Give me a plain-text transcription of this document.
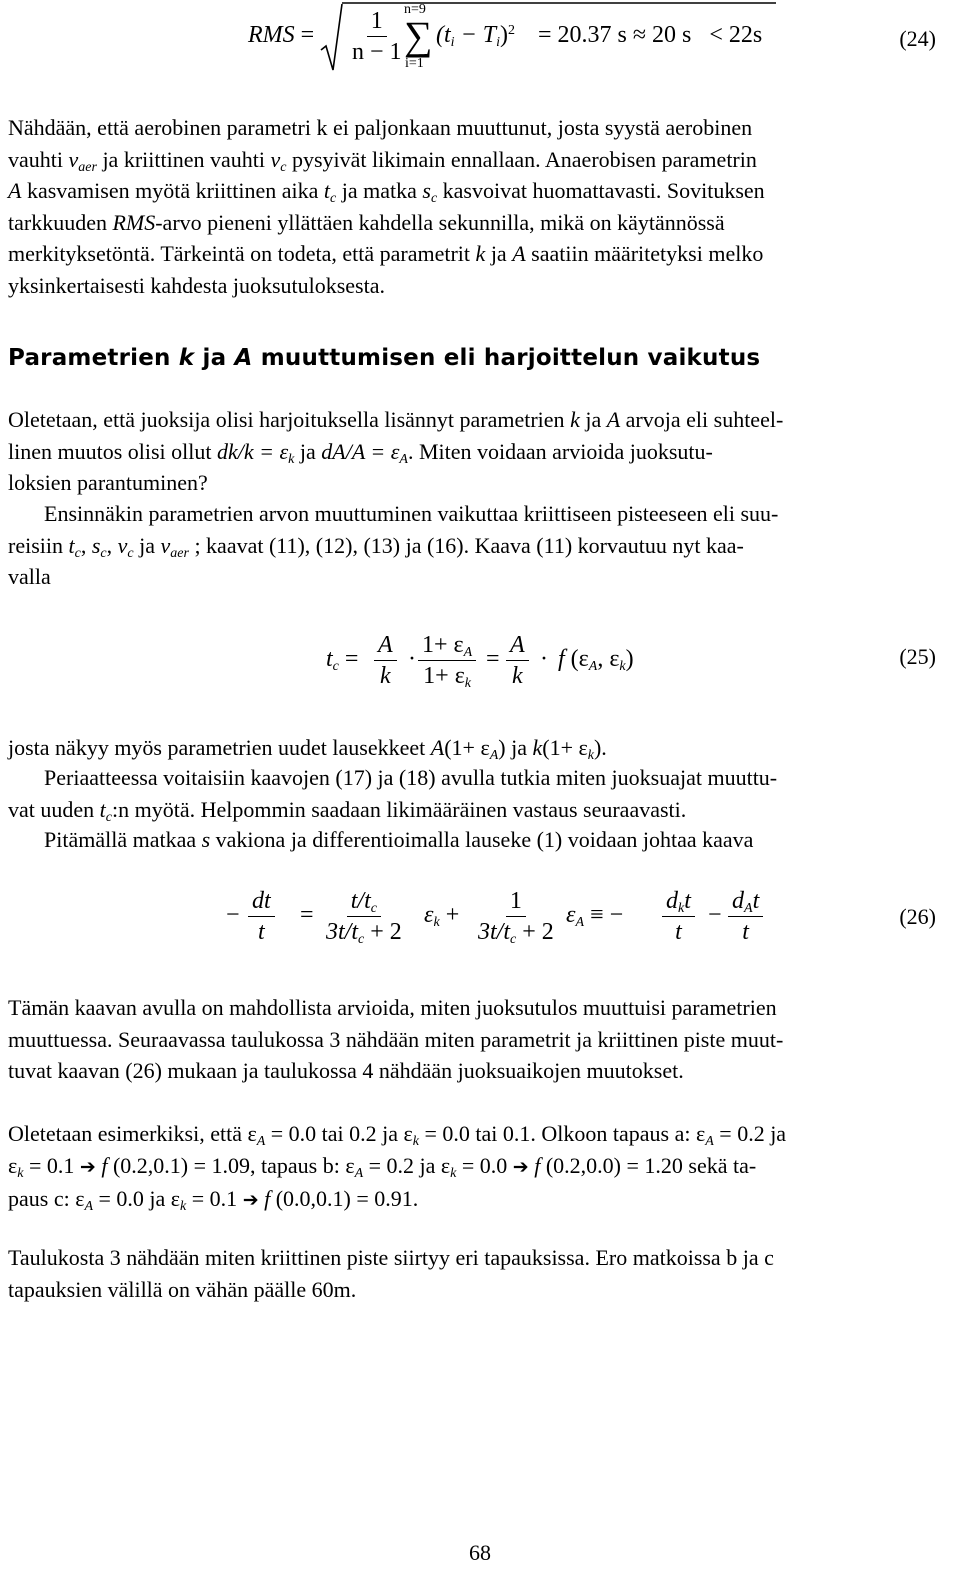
RMS = $\frac{1}{n - 1}$
n=9
∑
i=1
$(t_i - T_i)^2 = 20.37$ s ≈ 20 s   < 22s	(24)
Nähdään, että aerobinen parametri k ei paljonkaan muuttunut, josta syystä aerobinen
vauhti $v_{aer}$ ja kriittinen vauhti $v_c$ pysyivät likimain ennallaan. Anaerobisen parametrin
A kasvamisen myötä kriittinen aika $t_c$ ja matka $s_c$ kasvoivat huomattavasti. Sovituksen
tarkkuuden RMS-arvo pieneni yllättäen kahdella sekunnilla, mikä on käytännössä
merkityksetöntä. Tärkeintä on todeta, että parametrit k ja A saatiin määritetyksi melko
yksinkertaisesti kahdesta juoksutuloksesta.
Parametrien k ja A muuttumisen eli harjoittelun vaikutus
Oletetaan, että juoksija olisi harjoituksella lisännyt parametrien k ja A arvoja eli suhteel-
linen muutos olisi ollut $dk/k = \varepsilon_k$ ja $dA/A = \varepsilon_A$. Miten voidaan arvioida juoksutu-
loksien parantuminen?
Ensinnäkin parametrien arvon muuttuminen vaikuttaa kriittiseen pisteeseen eli suu-
reisiin $t_c$, $s_c$, $v_c$ ja $v_{aer}$ ; kaavat (11), (12), (13) ja (16). Kaava (11) korvautuu nyt kaa-
valla
$t_c = \frac{A}{k} \cdot \frac{1+ \varepsilon_A}{1+ \varepsilon_k} = \frac{A}{k} \cdot f$ ($\varepsilon_A$, $\varepsilon_k$)	(25)
josta näkyy myös parametrien uudet lausekkeet $A(1+ \varepsilon_A)$ ja $k(1+ \varepsilon_k)$.
Periaatteessa voitaisiin kaavojen (17) ja (18) avulla tutkia miten juoksuajat muuttu-
vat uuden $t_c:n$ myötä. Helpommin saadaan likimääräinen vastaus seuraavasti.
Pitämällä matkaa s vakiona ja differentioimalla lauseke (1) voidaan johtaa kaava
− $\frac{dt}{t} = \frac{t/t_c}{3t/t_c + 2} \varepsilon_k + \frac{1}{3t/t_c + 2} \varepsilon_A$ ≡ −
$d_kt$
t
−
$d_At$
t
(26)
Tämän kaavan avulla on mahdollista arvioida, miten juoksutulos muuttuisi parametrien
muuttuessa. Seuraavassa taulukossa 3 nähdään miten parametrit ja kriittinen piste muut-
tuvat kaavan (26) mukaan ja taulukossa 4 nähdään juoksuaikojen muutokset.
Oletetaan esimerkiksi, että $\varepsilon_A = 0.0$ tai 0.2 ja $\varepsilon_k = 0.0$ tai 0.1. Olkoon tapaus a: $\varepsilon_A = 0.2$ ja
$\varepsilon_k = 0.1$ ➔ f (0.2,0.1) = 1.09, tapaus b: $\varepsilon_A = 0.2$ ja $\varepsilon_k = 0.0$ ➔ f (0.2,0.0) = 1.20 sekä ta-
paus c: $\varepsilon_A = 0.0$ ja $\varepsilon_k = 0.1$ ➔ f (0.0,0.1) = 0.91.
Taulukosta 3 nähdään miten kriittinen piste siirtyy eri tapauksissa. Ero matkoissa b ja c
tapauksien välillä on vähän päälle 60m.
68
